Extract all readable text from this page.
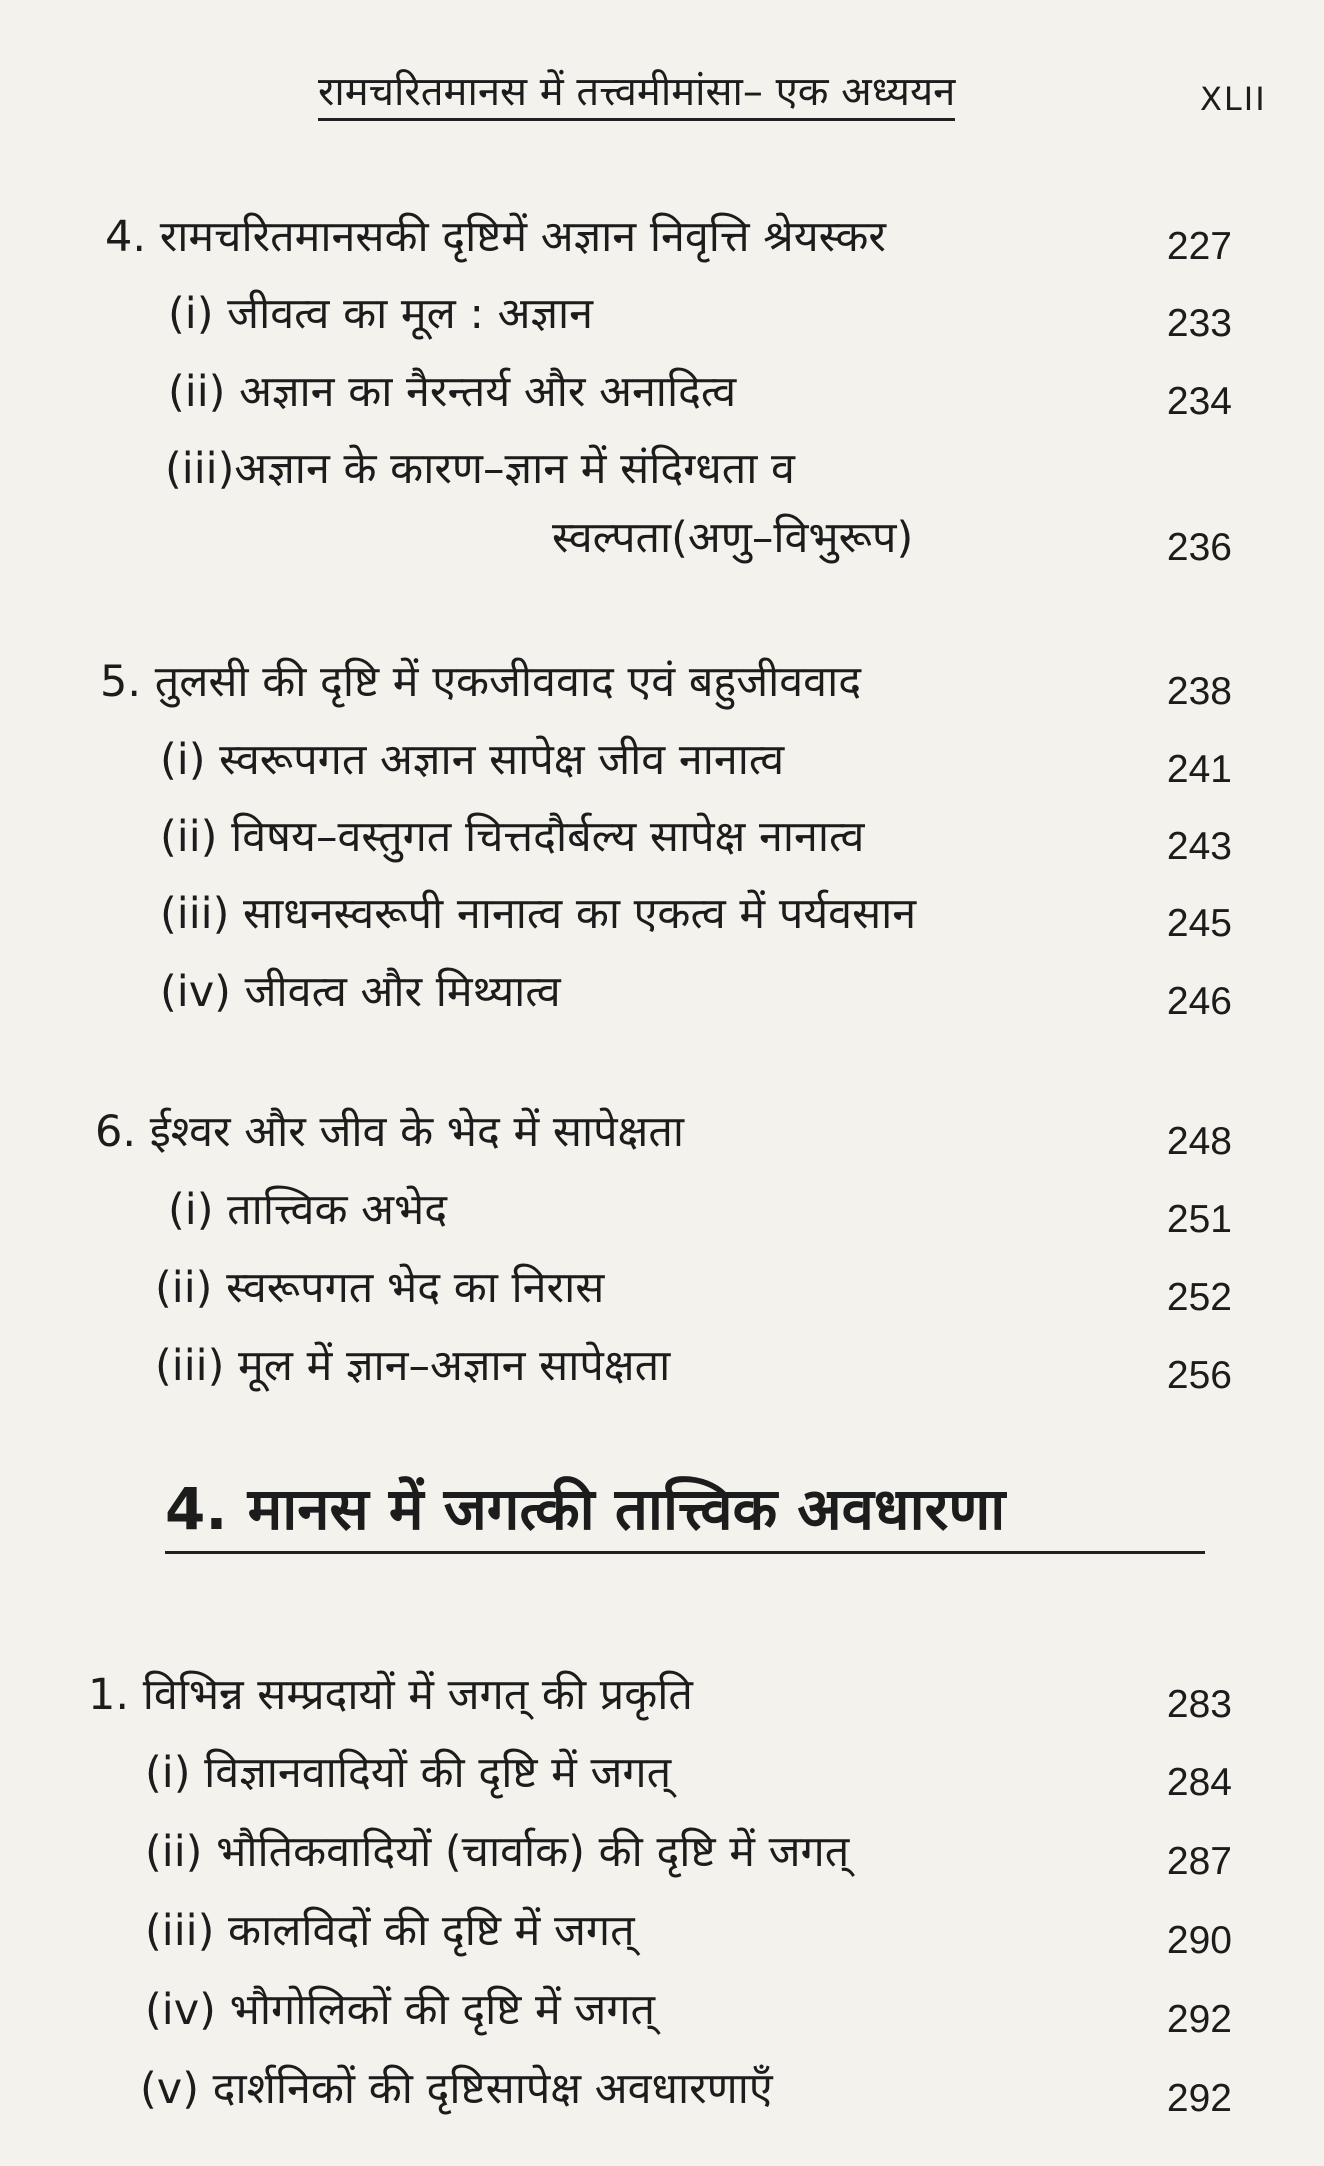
रामचरितमानस में तत्त्वमीमांसा– एक अध्ययन	XLII
4. रामचरितमानसकी दृष्टिमें अज्ञान निवृत्ति श्रेयस्कर	227
(i) जीवत्व का मूल : अज्ञान	233
(ii) अज्ञान का नैरन्तर्य और अनादित्व	234
(iii)अज्ञान के कारण–ज्ञान में संदिग्धता व
स्वल्पता(अणु–विभुरूप)	236
5. तुलसी की दृष्टि में एकजीववाद एवं बहुजीववाद	238
(i) स्वरूपगत अज्ञान सापेक्ष जीव नानात्व	241
(ii) विषय–वस्तुगत चित्तदौर्बल्य सापेक्ष नानात्व	243
(iii) साधनस्वरूपी नानात्व का एकत्व में पर्यवसान	245
(iv) जीवत्व और मिथ्यात्व	246
6. ईश्वर और जीव के भेद में सापेक्षता	248
(i) तात्त्विक अभेद	251
(ii) स्वरूपगत भेद का निरास	252
(iii) मूल में ज्ञान–अज्ञान सापेक्षता	256
4. मानस में जगत्की तात्त्विक अवधारणा
1. विभिन्न सम्प्रदायों में जगत् की प्रकृति	283
(i) विज्ञानवादियों की दृष्टि में जगत्	284
(ii) भौतिकवादियों (चार्वाक) की दृष्टि में जगत्	287
(iii) कालविदों की दृष्टि में जगत्	290
(iv) भौगोलिकों की दृष्टि में जगत्	292
(v) दार्शनिकों की दृष्टिसापेक्ष अवधारणाएँ	292
